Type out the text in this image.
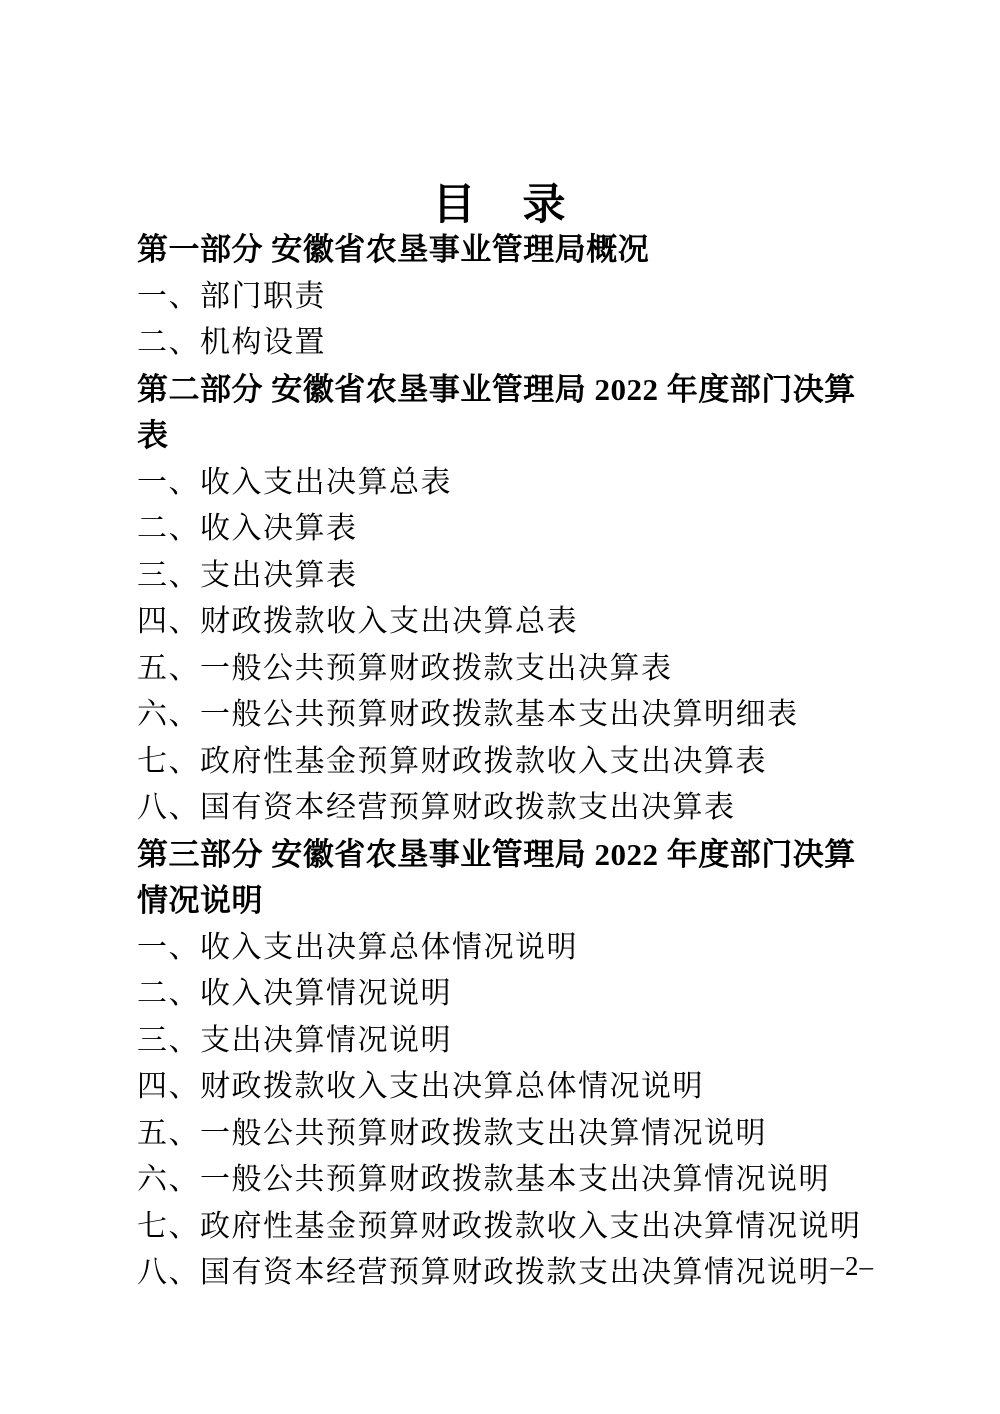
目　录
第一部分 安徽省农垦事业管理局概况
一、部门职责
二、机构设置
第二部分 安徽省农垦事业管理局 2022 年度部门决算表
一、收入支出决算总表
二、收入决算表
三、支出决算表
四、财政拨款收入支出决算总表
五、一般公共预算财政拨款支出决算表
六、一般公共预算财政拨款基本支出决算明细表
七、政府性基金预算财政拨款收入支出决算表
八、国有资本经营预算财政拨款支出决算表
第三部分 安徽省农垦事业管理局 2022 年度部门决算情况说明
一、收入支出决算总体情况说明
二、收入决算情况说明
三、支出决算情况说明
四、财政拨款收入支出决算总体情况说明
五、一般公共预算财政拨款支出决算情况说明
六、一般公共预算财政拨款基本支出决算情况说明
七、政府性基金预算财政拨款收入支出决算情况说明
八、国有资本经营预算财政拨款支出决算情况说明 –2–
